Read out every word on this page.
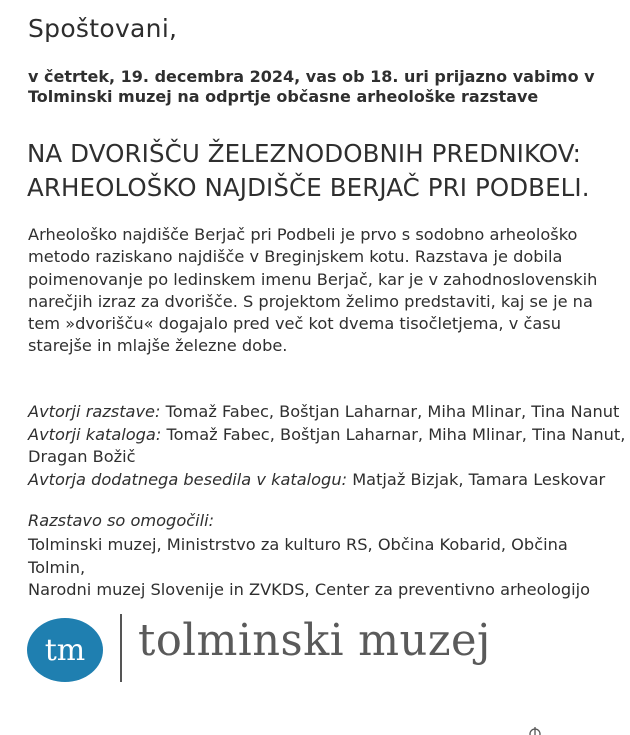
Spoštovani,
v četrtek, 19. decembra 2024, vas ob 18. uri prijazno vabimo v
Tolminski muzej na odprtje občasne arheološke razstave
NA DVORIŠČU ŽELEZNODOBNIH PREDNIKOV:
ARHEOLOŠKO NAJDIŠČE BERJAČ PRI PODBELI.
Arheološko najdišče Berjač pri Podbeli je prvo s sodobno arheološko
metodo raziskano najdišče v Breginjskem kotu. Razstava je dobila
poimenovanje po ledinskem imenu Berjač, kar je v zahodnoslovenskih
narečjih izraz za dvorišče. S projektom želimo predstaviti, kaj se je na
tem »dvorišču« dogajalo pred več kot dvema tisočletjema, v času
starejše in mlajše železne dobe.
Avtorji razstave: Tomaž Fabec, Boštjan Laharnar, Miha Mlinar, Tina Nanut
Avtorji kataloga: Tomaž Fabec, Boštjan Laharnar, Miha Mlinar, Tina Nanut,
Dragan Božič
Avtorja dodatnega besedila v katalogu: Matjaž Bizjak, Tamara Leskovar
Razstavo so omogočili:
Tolminski muzej, Ministrstvo za kulturo RS, Občina Kobarid, Občina Tolmin,
Narodni muzej Slovenije in ZVKDS, Center za preventivno arheologijo
tm tolminski muzej
